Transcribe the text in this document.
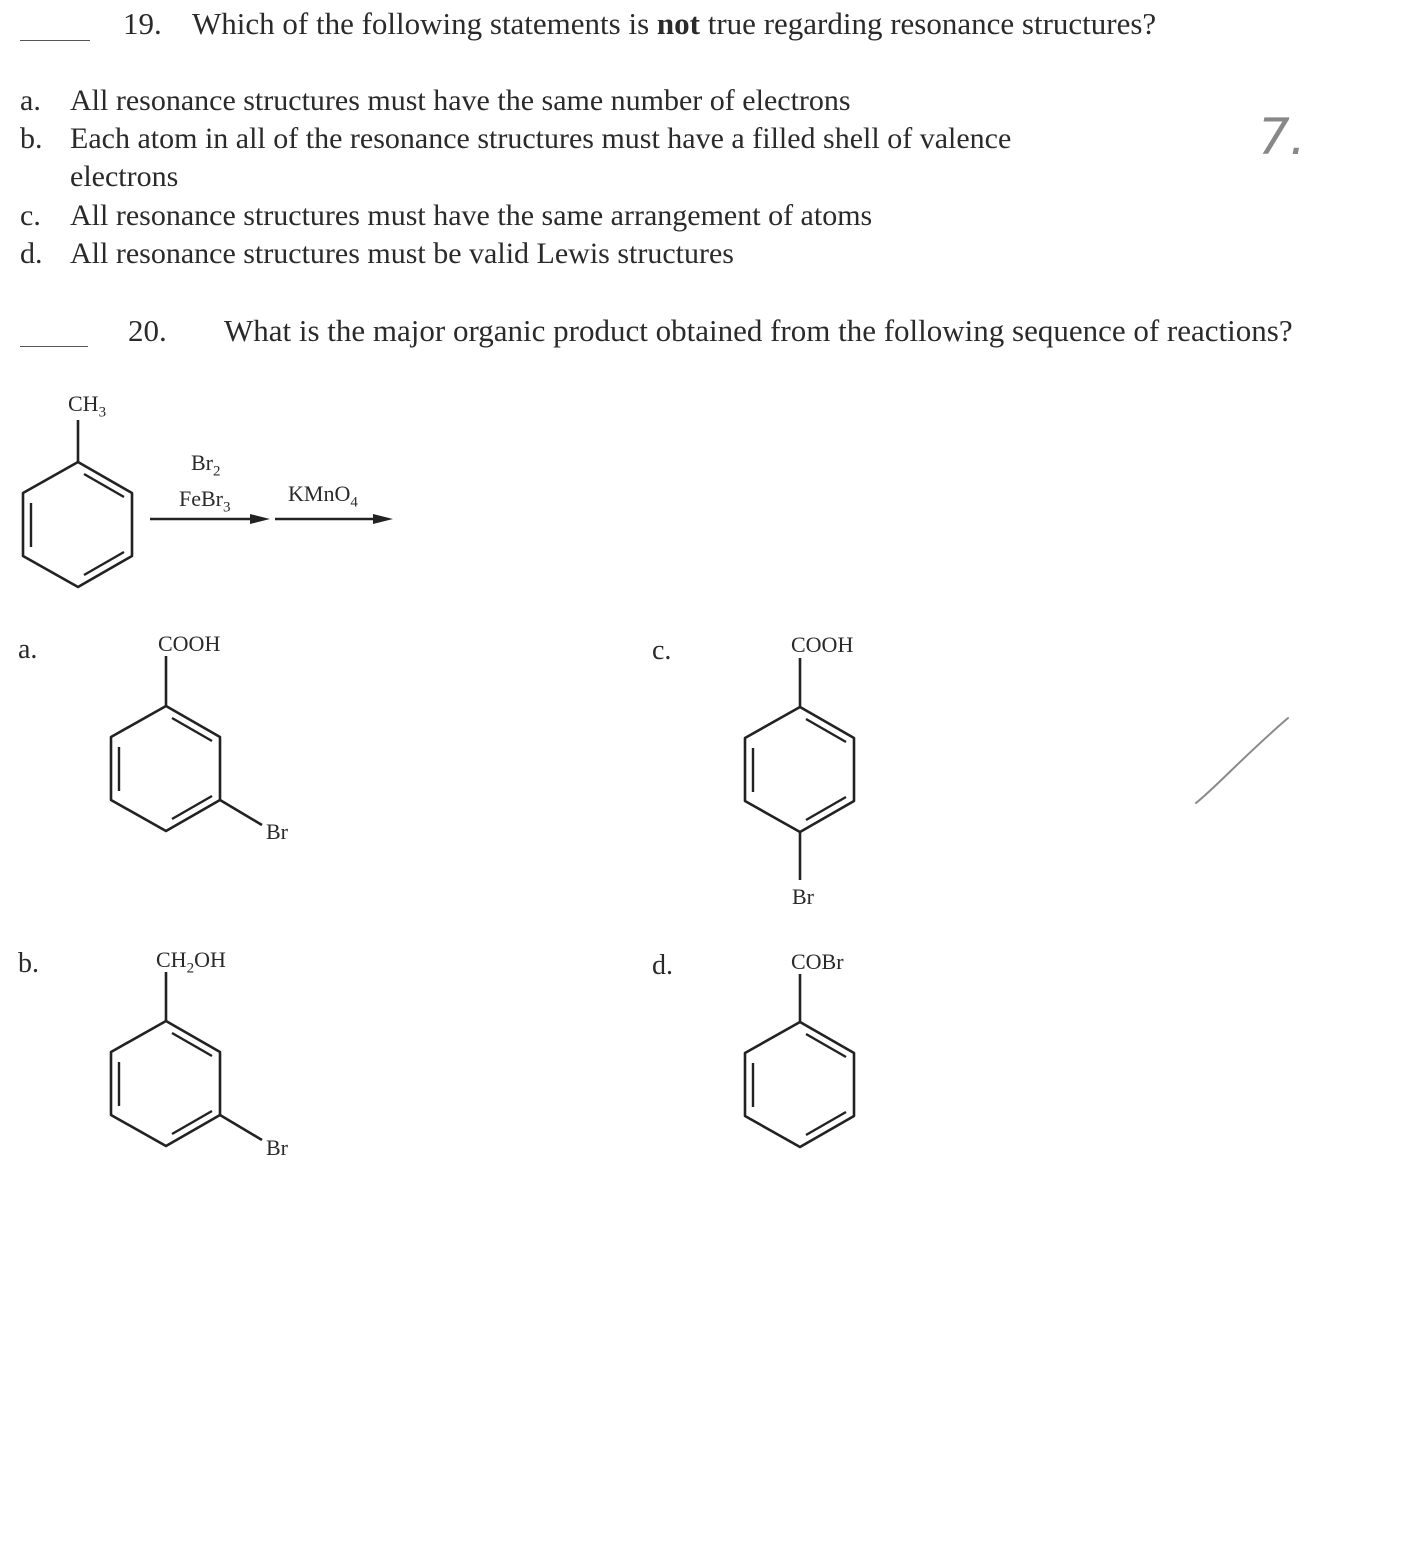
19. Which of the following statements is not true regarding resonance structures?
a. All resonance structures must have the same number of electrons
b. Each atom in all of the resonance structures must have a filled shell of valence
electrons
c. All resonance structures must have the same arrangement of atoms
d. All resonance structures must be valid Lewis structures
7.
20. What is the major organic product obtained from the following sequence of reactions?
$CH_3$
$Br_2$
FeBr$_3$
KMnO$_4$
a.
b.
c.
d.
COOH
Br
$CH_2OH$
Br
COOH
Br
COBr
